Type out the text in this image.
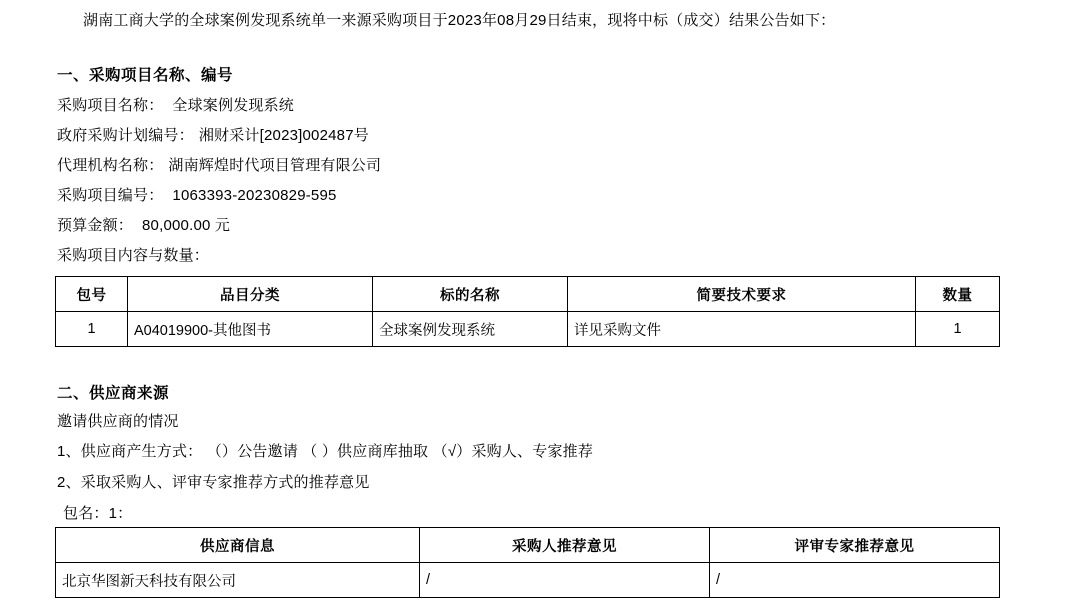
湖南工商大学的全球案例发现系统单一来源采购项目于2023年08月29日结束，现将中标（成交）结果公告如下：
一、采购项目名称、编号
采购项目名称： 全球案例发现系统
政府采购计划编号： 湘财采计[2023]002487号
代理机构名称： 湖南辉煌时代项目管理有限公司
采购项目编号： 1063393-20230829-595
预算金额： 80,000.00 元
采购项目内容与数量：
包号	品目分类	标的名称	简要技术要求	数量
1	A04019900-其他图书	全球案例发现系统	详见采购文件	1
二、供应商来源
邀请供应商的情况
1、供应商产生方式： （）公告邀请 （ ）供应商库抽取 （√）采购人、专家推荐
2、采取采购人、评审专家推荐方式的推荐意见
包名：1：
供应商信息	采购人推荐意见	评审专家推荐意见
北京华图新天科技有限公司	/	/
